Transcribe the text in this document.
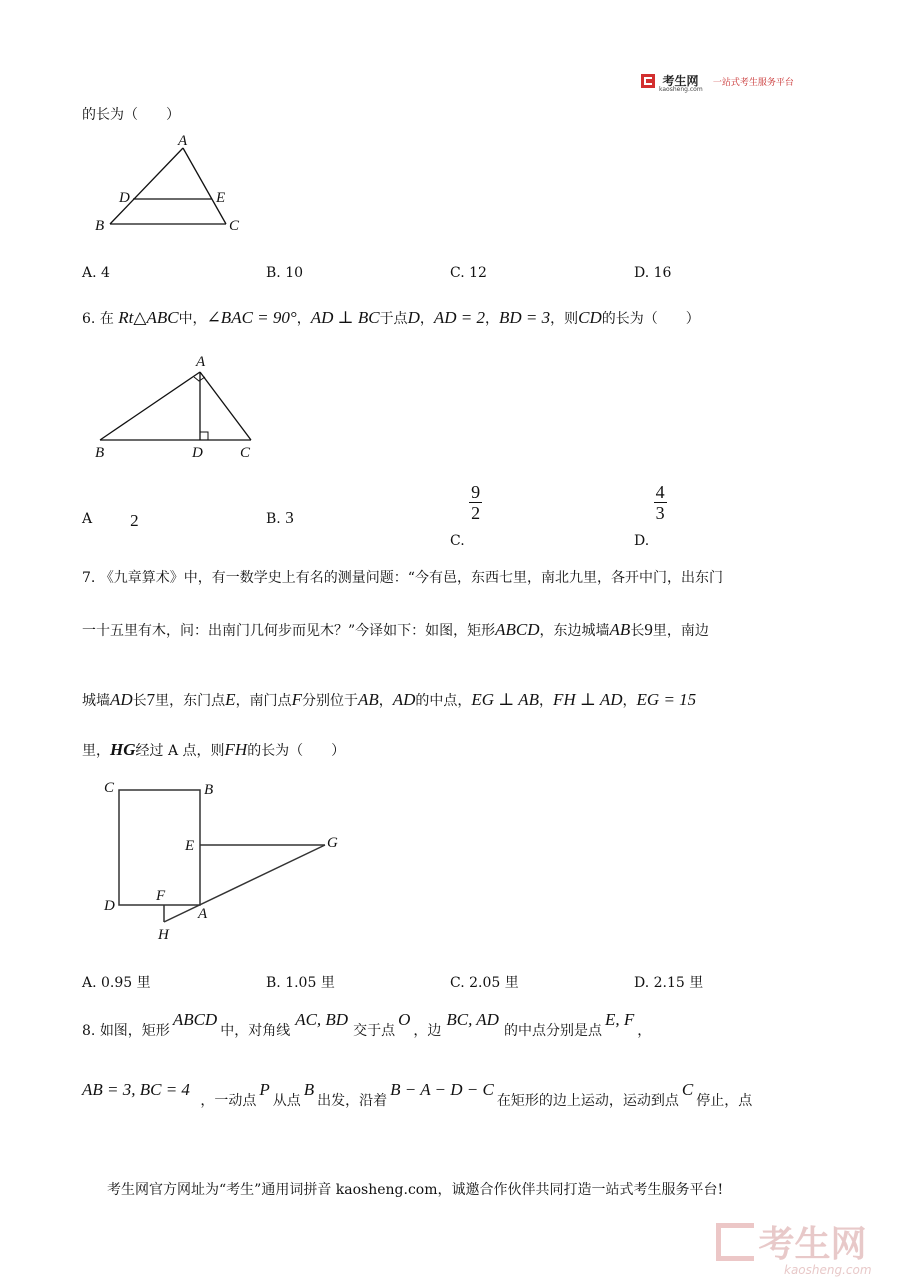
考生网
kaosheng.com
一站式考生服务平台
的长为（　　）
A
B	C
D	E
A. 4	B. 10	C. 12	D. 16
6. 在 Rt△ABC中，∠BAC = 90°，AD ⊥ BC于点D，AD = 2，BD = 3，则CD的长为（　　）
A
B	D C
A 2	B. 3
C.
$\frac{9}{2}$
D.
$\frac{4}{3}$
7. 《九章算术》中，有一数学史上有名的测量问题：“今有邑，东西七里，南北九里，各开中门，出东门
一十五里有木，问：出南门几何步而见木？”今译如下：如图，矩形ABCD，东边城墙AB长9里，南边
城墙AD长7里，东门点E，南门点F分别位于AB，AD的中点，EG ⊥ AB，FH ⊥ AD，EG = 15
里，HG经过 A 点，则FH的长为（　　）
C	B
E	G
F
D	A
H
A. 0.95 里	B. 1.05 里	C. 2.05 里	D. 2.15 里
8. 如图，矩形ABCD中，对角线AC, BD交于点O，边BC, AD的中点分别是点E, F，
AB = 3, BC = 4 ，一动点P从点B出发，沿着B − A − D − C在矩形的边上运动，运动到点C停止，点
考生网官方网址为“考生”通用词拼音 kaosheng.com，诚邀合作伙伴共同打造一站式考生服务平台!
考生网
kaosheng.com
